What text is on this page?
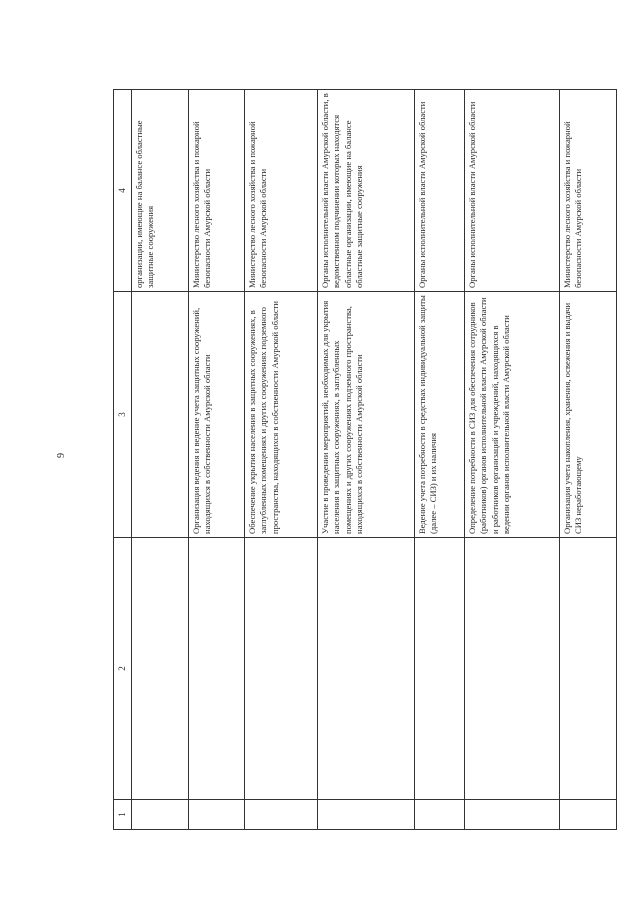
9
1	2	3	4
			организации, имеющие на балансе областные защитные сооружения
		Организация ведения и ведение учета защитных сооружений, находящихся в собственности Амурской области	Министерство лесного хозяйства и пожарной безопасности Амурской области
		Обеспечение укрытия населения в защитных сооружениях, в заглубленных помещениях и других сооружениях подземного пространства, находящихся в собственности Амурской области	Министерство лесного хозяйства и пожарной безопасности Амурской области
		Участие в проведении мероприятий, необходимых для укрытия населения в защитных сооружениях, в заглубленных помещениях и других сооружениях подземного пространства, находящихся в собственности Амурской области	Органы исполнительной власти Амурской области, в ведомственном подчинении которых находятся областные организации, имеющие на балансе областные защитные сооружения
		Ведение учета потребности в средствах индивидуальной защиты (далее – СИЗ) и их наличия	Органы исполнительной власти Амурской области
		Определение потребности в СИЗ для обеспечения сотрудников (работников) органов исполнительной власти Амурской области и работников организаций и учреждений, находящихся в ведении органов исполнительной власти Амурской области	Органы исполнительной власти Амурской области
		Организация учета накопления, хранения, освежения и выдачи СИЗ неработающему	Министерство лесного хозяйства и пожарной безопасности Амурской области
